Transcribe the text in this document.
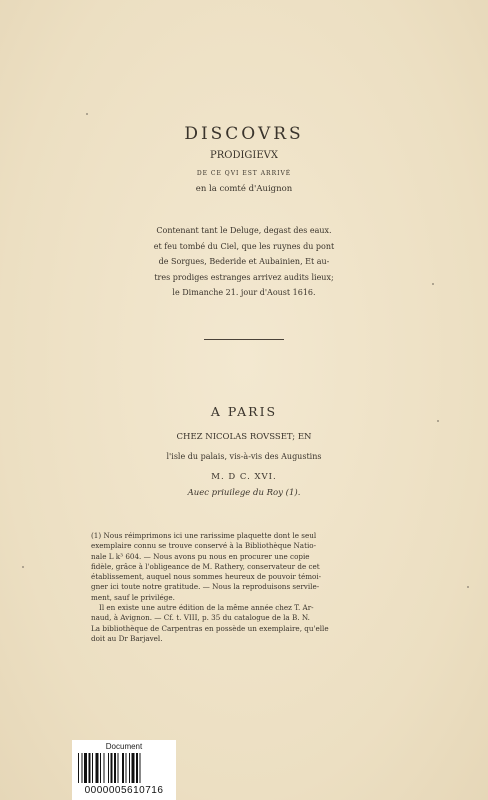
DISCOVRS
PRODIGIEVX
DE CE QVI EST ARRIVÉ
en la comté d'Auignon
Contenant tant le Deluge, degast des eaux.
et feu tombé du Ciel, que les ruynes du pont
de Sorgues, Bederide et Aubainien, Et au-
tres prodiges estranges arrivez audits lieux;
le Dimanche 21. jour d'Aoust 1616.
A PARIS
CHEZ NICOLAS ROVSSET; EN
l'isle du palais, vis-à-vis des Augustins
M. D C. XVI.
Auec priuilege du Roy (1).
(1) Nous réimprimons ici une rarissime plaquette dont le seul
exemplaire connu se trouve conservé à la Bibliothèque Natio-
nale L k³ 604. — Nous avons pu nous en procurer une copie
fidèle, grâce à l'obligeance de M. Rathery, conservateur de cet
établissement, auquel nous sommes heureux de pouvoir témoi-
gner ici toute notre gratitude. — Nous la reproduisons servile-
ment, sauf le privilége.
Il en existe une autre édition de la même année chez T. Ar-
naud, à Avignon. — Cf. t. VIII, p. 35 du catalogue de la B. N.
La bibliothèque de Carpentras en possède un exemplaire, qu'elle
doit au Dr Barjavel.
Document
0000005610716
